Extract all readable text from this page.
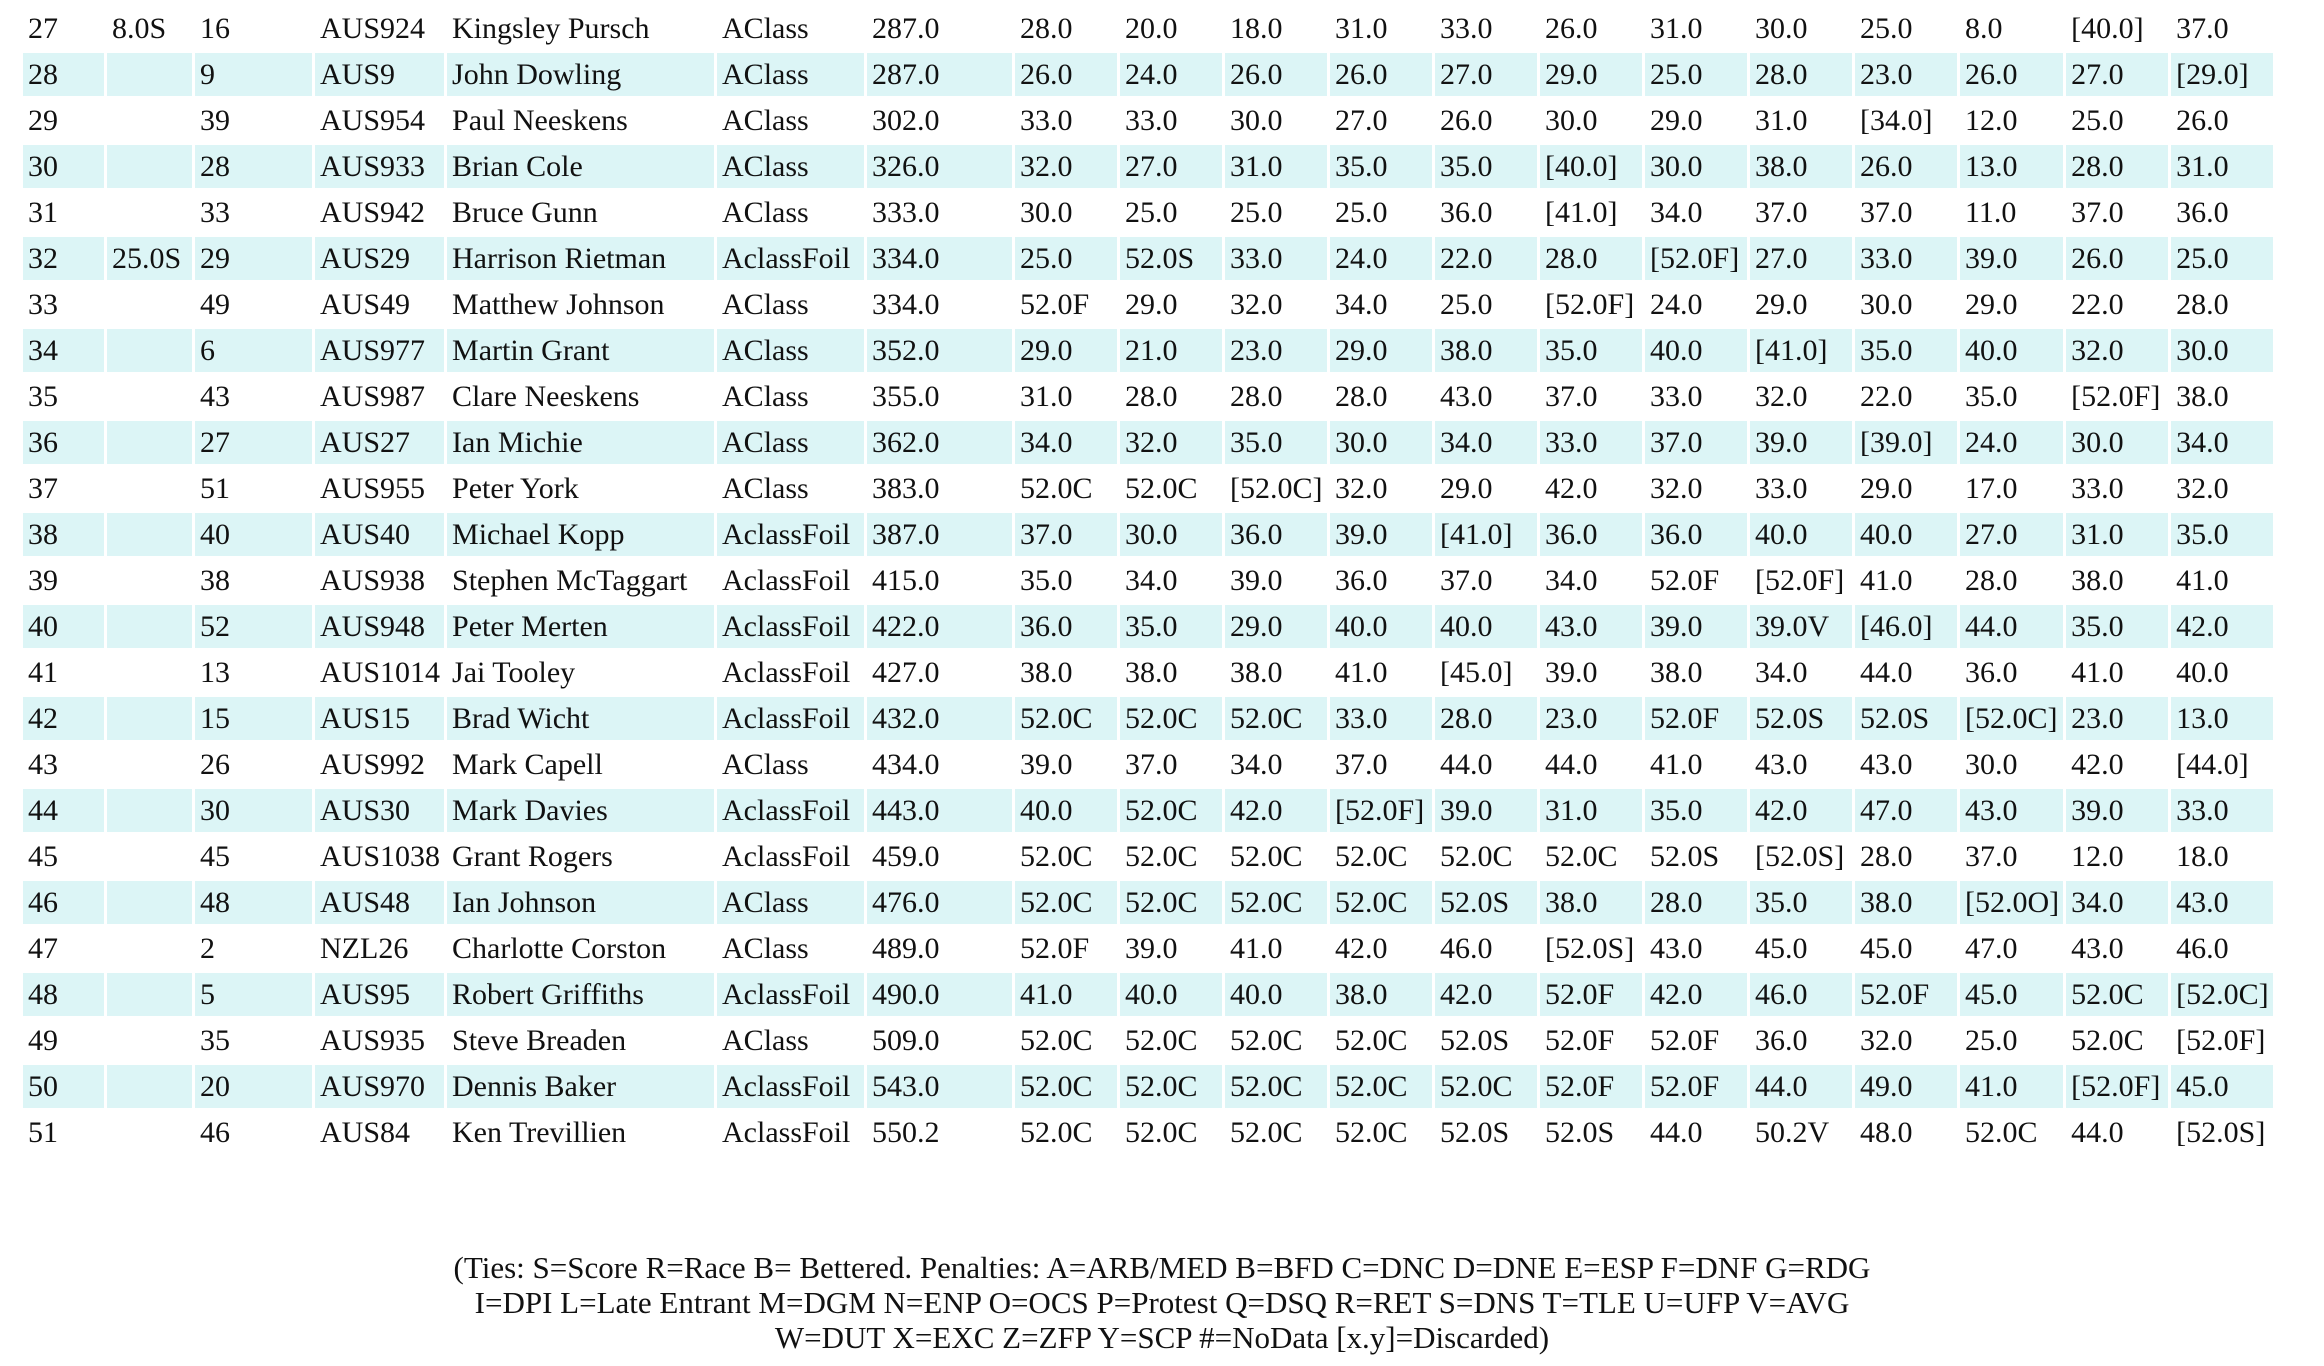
27	8.0S	16	AUS924	Kingsley Pursch	AClass	287.0	28.0	20.0	18.0	31.0	33.0	26.0	31.0	30.0	25.0	8.0	[40.0]	37.0
28		9	AUS9	John Dowling	AClass	287.0	26.0	24.0	26.0	26.0	27.0	29.0	25.0	28.0	23.0	26.0	27.0	[29.0]
29		39	AUS954	Paul Neeskens	AClass	302.0	33.0	33.0	30.0	27.0	26.0	30.0	29.0	31.0	[34.0]	12.0	25.0	26.0
30		28	AUS933	Brian Cole	AClass	326.0	32.0	27.0	31.0	35.0	35.0	[40.0]	30.0	38.0	26.0	13.0	28.0	31.0
31		33	AUS942	Bruce Gunn	AClass	333.0	30.0	25.0	25.0	25.0	36.0	[41.0]	34.0	37.0	37.0	11.0	37.0	36.0
32	25.0S	29	AUS29	Harrison Rietman	AclassFoil	334.0	25.0	52.0S	33.0	24.0	22.0	28.0	[52.0F]	27.0	33.0	39.0	26.0	25.0
33		49	AUS49	Matthew Johnson	AClass	334.0	52.0F	29.0	32.0	34.0	25.0	[52.0F]	24.0	29.0	30.0	29.0	22.0	28.0
34		6	AUS977	Martin Grant	AClass	352.0	29.0	21.0	23.0	29.0	38.0	35.0	40.0	[41.0]	35.0	40.0	32.0	30.0
35		43	AUS987	Clare Neeskens	AClass	355.0	31.0	28.0	28.0	28.0	43.0	37.0	33.0	32.0	22.0	35.0	[52.0F]	38.0
36		27	AUS27	Ian Michie	AClass	362.0	34.0	32.0	35.0	30.0	34.0	33.0	37.0	39.0	[39.0]	24.0	30.0	34.0
37		51	AUS955	Peter York	AClass	383.0	52.0C	52.0C	[52.0C]	32.0	29.0	42.0	32.0	33.0	29.0	17.0	33.0	32.0
38		40	AUS40	Michael Kopp	AclassFoil	387.0	37.0	30.0	36.0	39.0	[41.0]	36.0	36.0	40.0	40.0	27.0	31.0	35.0
39		38	AUS938	Stephen McTaggart	AclassFoil	415.0	35.0	34.0	39.0	36.0	37.0	34.0	52.0F	[52.0F]	41.0	28.0	38.0	41.0
40		52	AUS948	Peter Merten	AclassFoil	422.0	36.0	35.0	29.0	40.0	40.0	43.0	39.0	39.0V	[46.0]	44.0	35.0	42.0
41		13	AUS1014	Jai Tooley	AclassFoil	427.0	38.0	38.0	38.0	41.0	[45.0]	39.0	38.0	34.0	44.0	36.0	41.0	40.0
42		15	AUS15	Brad Wicht	AclassFoil	432.0	52.0C	52.0C	52.0C	33.0	28.0	23.0	52.0F	52.0S	52.0S	[52.0C]	23.0	13.0
43		26	AUS992	Mark Capell	AClass	434.0	39.0	37.0	34.0	37.0	44.0	44.0	41.0	43.0	43.0	30.0	42.0	[44.0]
44		30	AUS30	Mark Davies	AclassFoil	443.0	40.0	52.0C	42.0	[52.0F]	39.0	31.0	35.0	42.0	47.0	43.0	39.0	33.0
45		45	AUS1038	Grant Rogers	AclassFoil	459.0	52.0C	52.0C	52.0C	52.0C	52.0C	52.0C	52.0S	[52.0S]	28.0	37.0	12.0	18.0
46		48	AUS48	Ian Johnson	AClass	476.0	52.0C	52.0C	52.0C	52.0C	52.0S	38.0	28.0	35.0	38.0	[52.0O]	34.0	43.0
47		2	NZL26	Charlotte Corston	AClass	489.0	52.0F	39.0	41.0	42.0	46.0	[52.0S]	43.0	45.0	45.0	47.0	43.0	46.0
48		5	AUS95	Robert Griffiths	AclassFoil	490.0	41.0	40.0	40.0	38.0	42.0	52.0F	42.0	46.0	52.0F	45.0	52.0C	[52.0C]
49		35	AUS935	Steve Breaden	AClass	509.0	52.0C	52.0C	52.0C	52.0C	52.0S	52.0F	52.0F	36.0	32.0	25.0	52.0C	[52.0F]
50		20	AUS970	Dennis Baker	AclassFoil	543.0	52.0C	52.0C	52.0C	52.0C	52.0C	52.0F	52.0F	44.0	49.0	41.0	[52.0F]	45.0
51		46	AUS84	Ken Trevillien	AclassFoil	550.2	52.0C	52.0C	52.0C	52.0C	52.0S	52.0S	44.0	50.2V	48.0	52.0C	44.0	[52.0S]
(Ties: S=Score R=Race B= Bettered. Penalties: A=ARB/MED B=BFD C=DNC D=DNE E=ESP F=DNF G=RDG
I=DPI L=Late Entrant M=DGM N=ENP O=OCS P=Protest Q=DSQ R=RET S=DNS T=TLE U=UFP V=AVG
W=DUT X=EXC Z=ZFP Y=SCP #=NoData [x.y]=Discarded)
